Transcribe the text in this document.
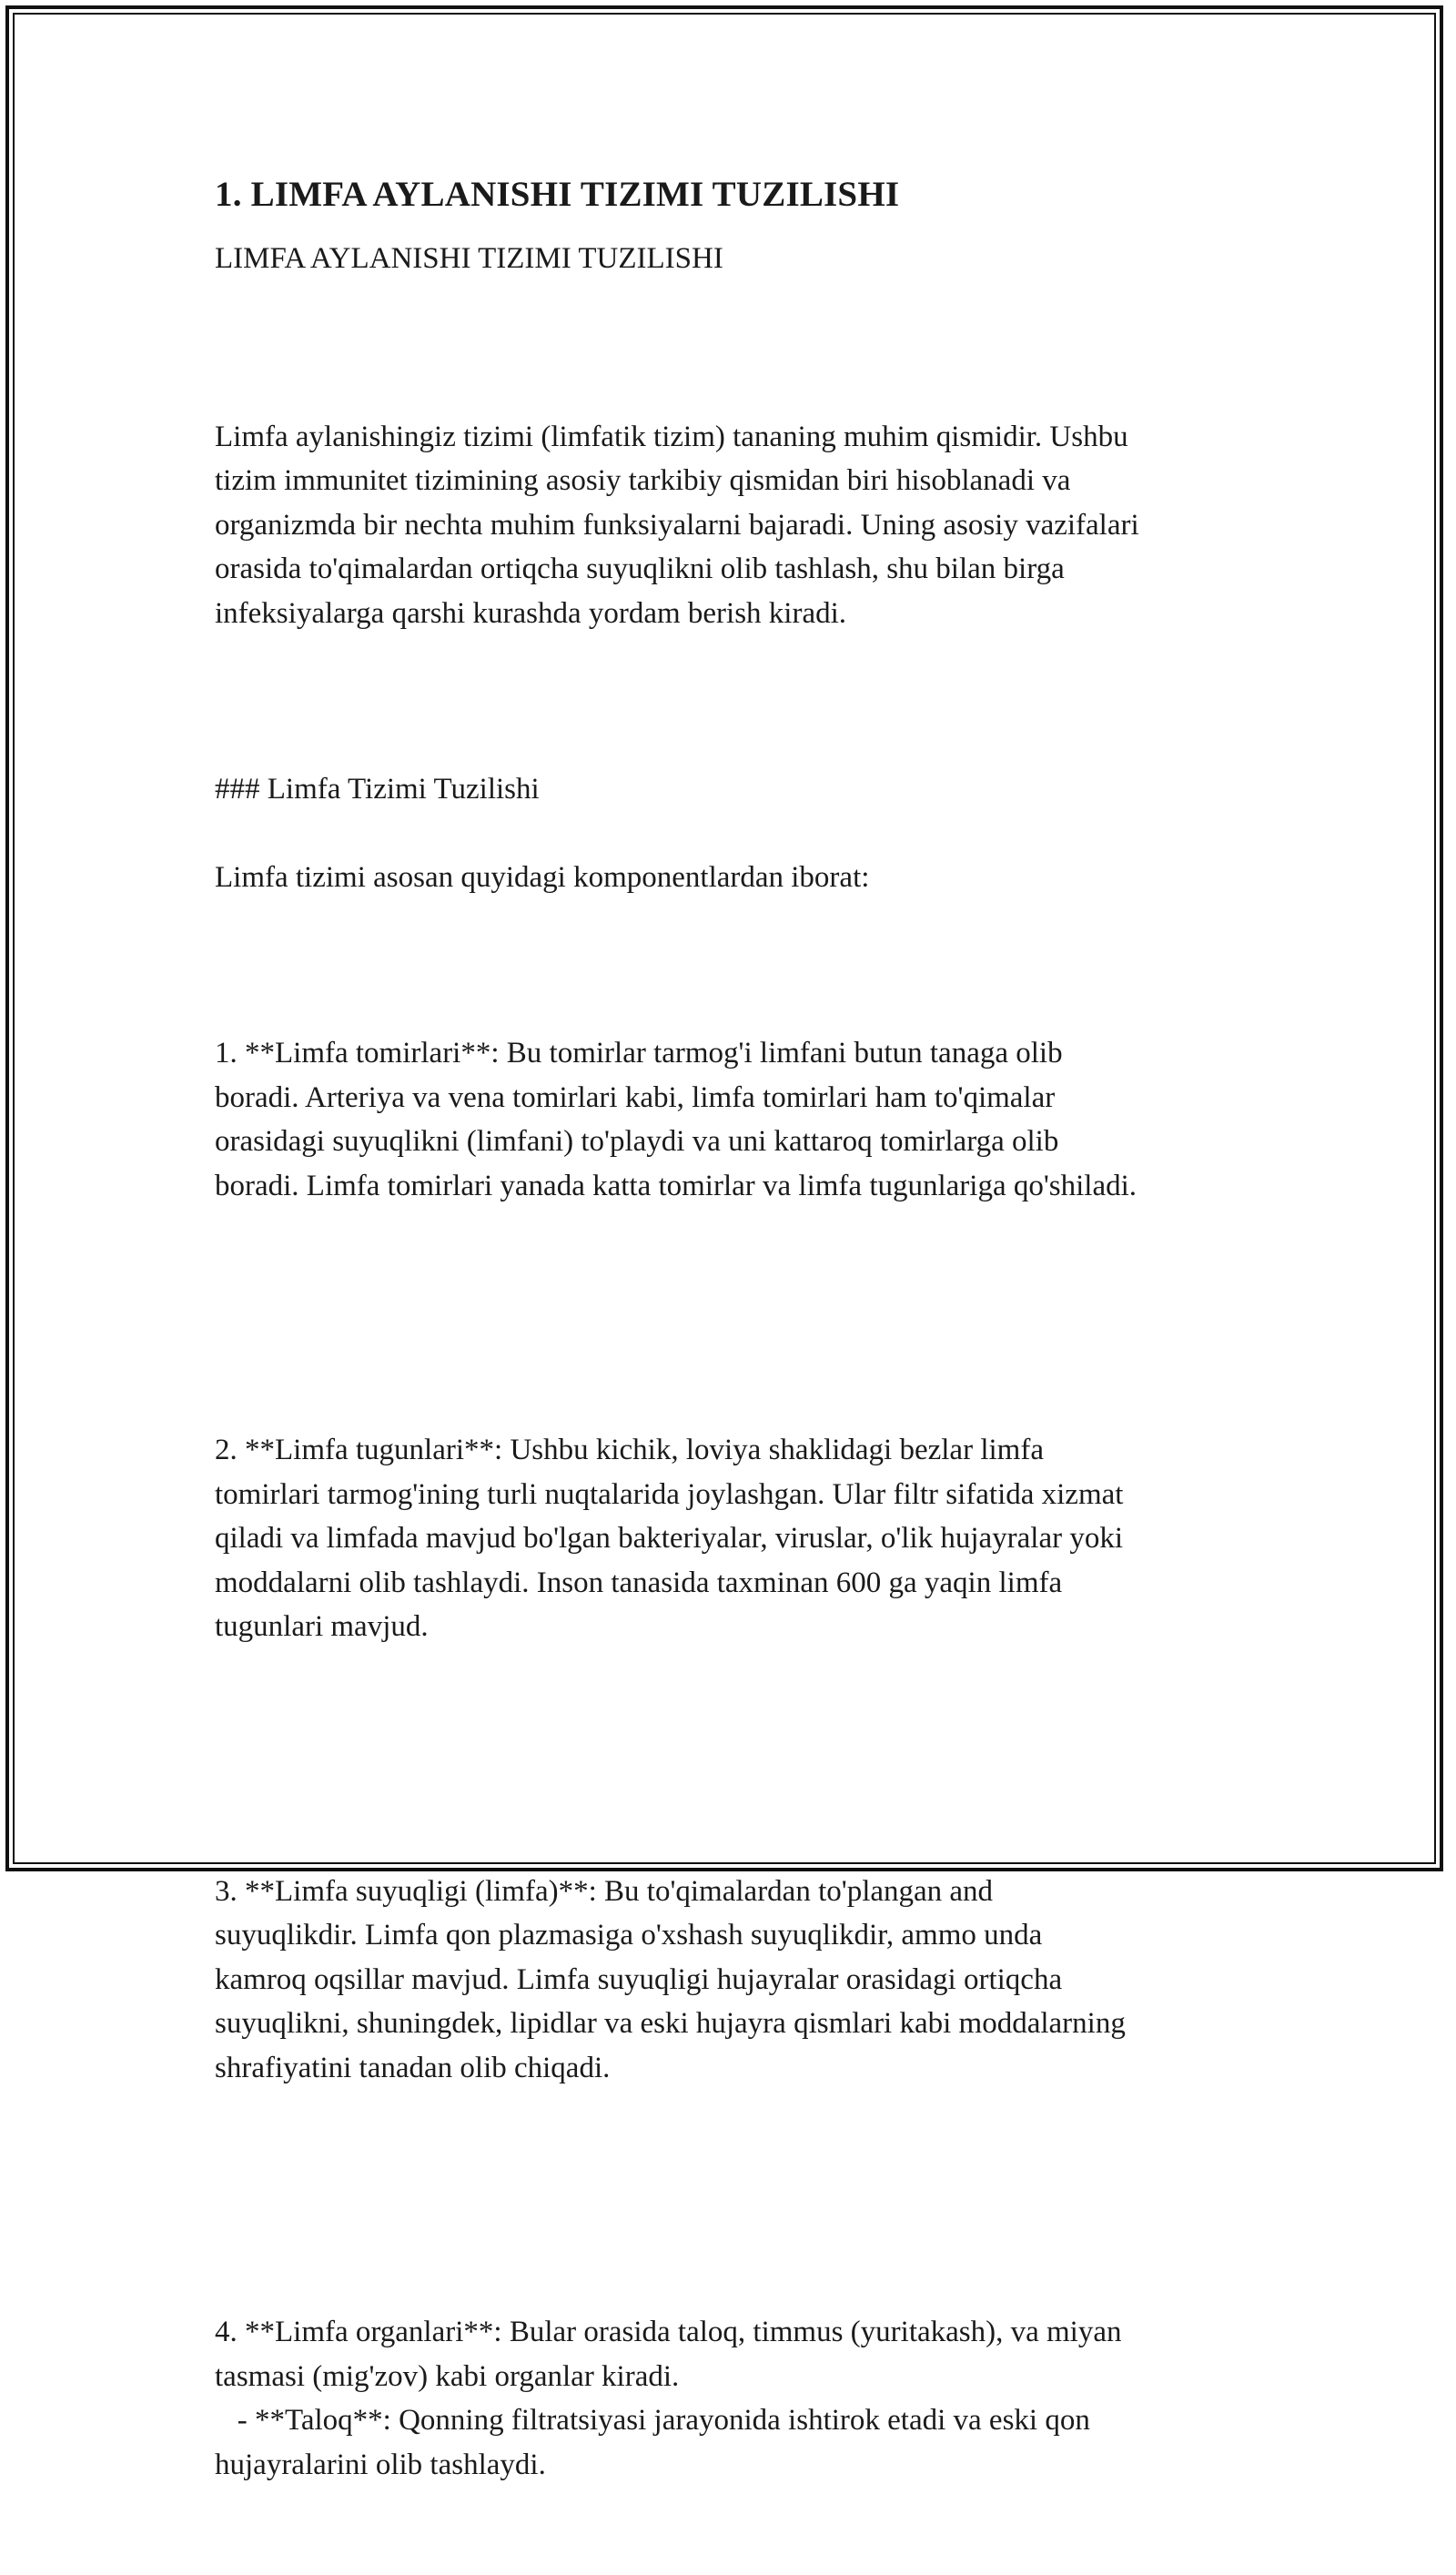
1. LIMFA AYLANISHI TIZIMI TUZILISHI

LIMFA AYLANISHI TIZIMI TUZILISHI

Limfa aylanishingiz tizimi (limfatik tizim) tananing muhim qismidir. Ushbu
tizim immunitet tizimining asosiy tarkibiy qismidan biri hisoblanadi va
organizmda bir nechta muhim funksiyalarni bajaradi. Uning asosiy vazifalari
orasida to'qimalardan ortiqcha suyuqlikni olib tashlash, shu bilan birga
infeksiyalarga qarshi kurashda yordam berish kiradi.

### Limfa Tizimi Tuzilishi

Limfa tizimi asosan quyidagi komponentlardan iborat:

1. **Limfa tomirlari**: Bu tomirlar tarmog'i limfani butun tanaga olib
boradi. Arteriya va vena tomirlari kabi, limfa tomirlari ham to'qimalar
orasidagi suyuqlikni (limfani) to'playdi va uni kattaroq tomirlarga olib
boradi. Limfa tomirlari yanada katta tomirlar va limfa tugunlariga qo'shiladi.

2. **Limfa tugunlari**: Ushbu kichik, loviya shaklidagi bezlar limfa
tomirlari tarmog'ining turli nuqtalarida joylashgan. Ular filtr sifatida xizmat
qiladi va limfada mavjud bo'lgan bakteriyalar, viruslar, o'lik hujayralar yoki
moddalarni olib tashlaydi. Inson tanasida taxminan 600 ga yaqin limfa
tugunlari mavjud.

3. **Limfa suyuqligi (limfa)**: Bu to'qimalardan to'plangan and
suyuqlikdir. Limfa qon plazmasiga o'xshash suyuqlikdir, ammo unda
kamroq oqsillar mavjud. Limfa suyuqligi hujayralar orasidagi ortiqcha
suyuqlikni, shuningdek, lipidlar va eski hujayra qismlari kabi moddalarning
shrafiyatini tanadan olib chiqadi.

4. **Limfa organlari**: Bular orasida taloq, timmus (yuritakash), va miyan
tasmasi (mig'zov) kabi organlar kiradi.
- **Taloq**: Qonning filtratsiyasi jarayonida ishtirok etadi va eski qon
hujayralarini olib tashlaydi.
